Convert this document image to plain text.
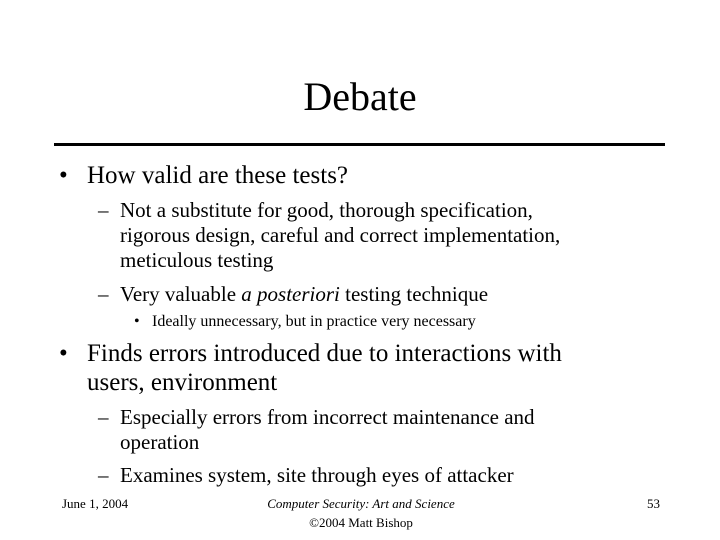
Debate
• How valid are these tests?
– Not a substitute for good, thorough specification,
rigorous design, careful and correct implementation,
meticulous testing
– Very valuable a posteriori testing technique
• Ideally unnecessary, but in practice very necessary
• Finds errors introduced due to interactions with
users, environment
– Especially errors from incorrect maintenance and
operation
– Examines system, site through eyes of attacker
June 1, 2004	Computer Security: Art and Science
©2004 Matt Bishop
53
